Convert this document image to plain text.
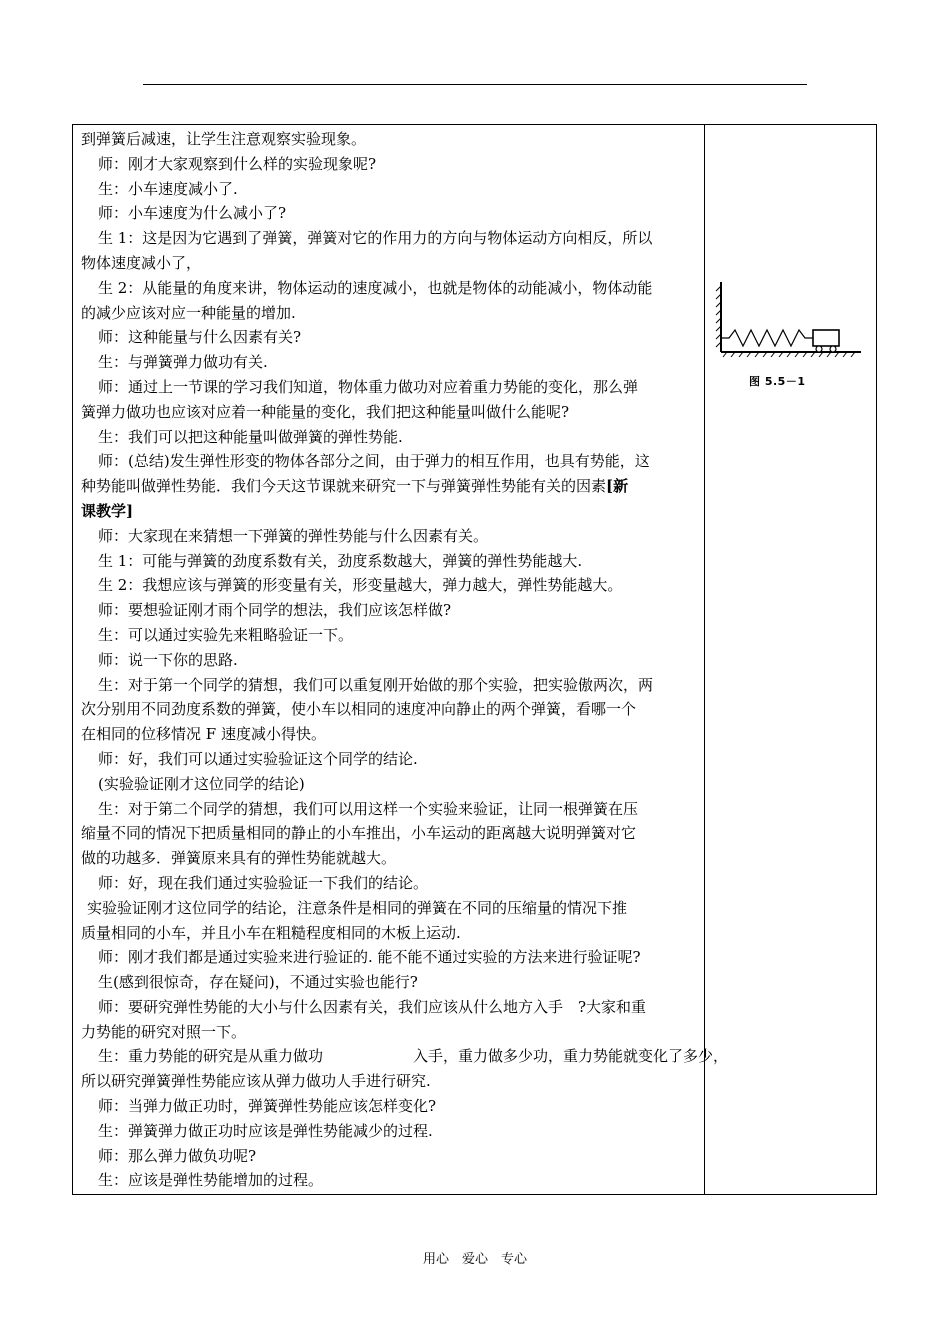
到弹簧后减速，让学生注意观察实验现象。
师：刚才大家观察到什么样的实验现象呢?
生：小车速度减小了.
师：小车速度为什么减小了?
生 1：这是因为它遇到了弹簧，弹簧对它的作用力的方向与物体运动方向相反，所以
物体速度减小了，
生 2：从能量的角度来讲，物体运动的速度减小，也就是物体的动能减小，物体动能
的减少应该对应一种能量的增加.
师：这种能量与什么因素有关?
生：与弹簧弹力做功有关.
师：通过上一节课的学习我们知道，物体重力做功对应着重力势能的变化，那么弹
簧弹力做功也应该对应着一种能量的变化，我们把这种能量叫做什么能呢?
生：我们可以把这种能量叫做弹簧的弹性势能.
师：(总结)发生弹性形变的物体各部分之间，由于弹力的相互作用，也具有势能，这
种势能叫做弹性势能．我们今天这节课就来研究一下与弹簧弹性势能有关的因素[新
课教学]
师：大家现在来猜想一下弹簧的弹性势能与什么因素有关。
生 1：可能与弹簧的劲度系数有关，劲度系数越大，弹簧的弹性势能越大.
生 2：我想应该与弹簧的形变量有关，形变量越大，弹力越大，弹性势能越大。
师：要想验证刚才雨个同学的想法，我们应该怎样做?
生：可以通过实验先来粗略验证一下。
师：说一下你的思路.
生：对于第一个同学的猜想，我们可以重复刚开始做的那个实验，把实验傲两次，两
次分别用不同劲度系数的弹簧，使小车以相同的速度冲向静止的两个弹簧，看哪一个
在相同的位移情况 F 速度减小得快。
师：好，我们可以通过实验验证这个同学的结论.
(实验验证刚才这位同学的结论)
生：对于第二个同学的猜想，我们可以用这样一个实验来验证，让同一根弹簧在压
缩量不同的情况下把质量相同的静止的小车推出，小车运动的距离越大说明弹簧对它
做的功越多．弹簧原来具有的弹性势能就越大。
师：好，现在我们通过实验验证一下我们的结论。
实验验证刚才这位同学的结论，注意条件是相同的弹簧在不同的压缩量的情况下推
质量相同的小车，并且小车在粗糙程度相同的木板上运动.
师：刚才我们都是通过实验来进行验证的. 能不能不通过实验的方法来进行验证呢?
生(感到很惊奇，存在疑问)，不通过实验也能行?
师：要研究弹性势能的大小与什么因素有关，我们应该从什么地方入手　?大家和重
力势能的研究对照一下。
生：重力势能的研究是从重力做功　　　　　　入手，重力做多少功，重力势能就变化了多少，
所以研究弹簧弹性势能应该从弹力做功人手进行研究.
师：当弹力做正功时，弹簧弹性势能应该怎样变化?
生：弹簧弹力做正功时应该是弹性势能减少的过程.
师：那么弹力做负功呢?
生：应该是弹性势能增加的过程。
图 5.5－1
用心　爱心　专心
